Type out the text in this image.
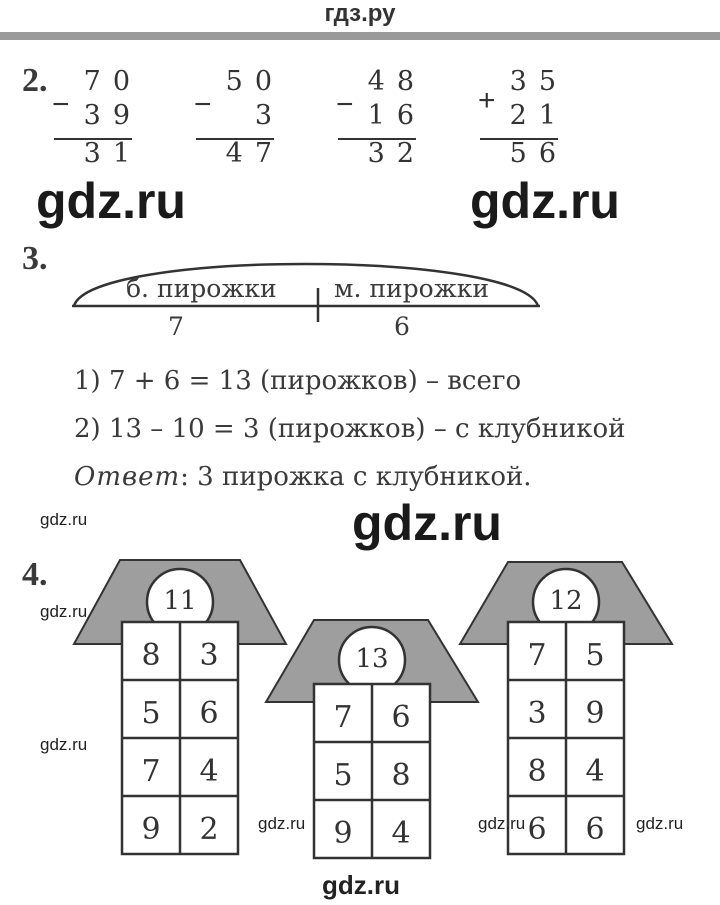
гдз.ру
2.
−
70
39
31
−
50
3
47
−
48
16
32
+
35
21
56
gdz.ru	gdz.ru
3.
б. пирожки м. пирожки
7	6
1) 7 + 6 = 13 (пирожков) – всего
2) 13 – 10 = 3 (пирожков) – с клубникой
Ответ: 3 пирожка с клубникой.
gdz.ru	gdz.ru
4.
11
13
12
8	3
5	6
7	4
9	2
7	6
5	8
9	4
7	5
3	9
8	4
6	6
gdz.ru
gdz.ru
gdz.ru	gdz.ru	gdz.ru
gdz.ru
